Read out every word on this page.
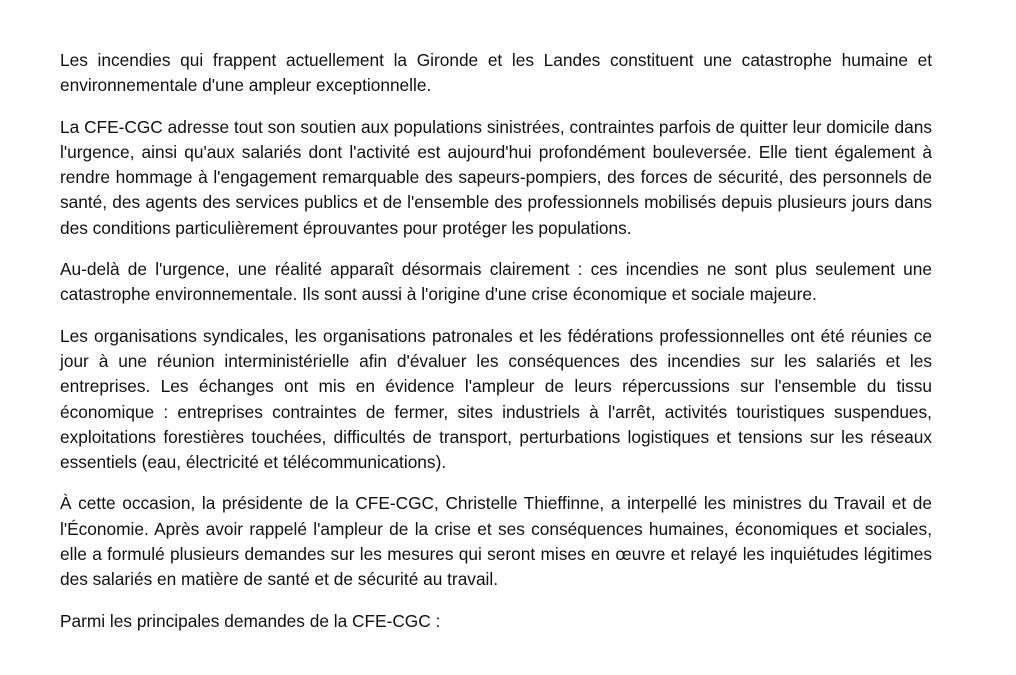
Les incendies qui frappent actuellement la Gironde et les Landes constituent une catastrophe humaine et environnementale d'une ampleur exceptionnelle.

La CFE-CGC adresse tout son soutien aux populations sinistrées, contraintes parfois de quitter leur domicile dans l'urgence, ainsi qu'aux salariés dont l'activité est aujourd'hui profondément bouleversée. Elle tient également à rendre hommage à l'engagement remarquable des sapeurs-pompiers, des forces de sécurité, des personnels de santé, des agents des services publics et de l'ensemble des professionnels mobilisés depuis plusieurs jours dans des conditions particulièrement éprouvantes pour protéger les populations.

Au-delà de l'urgence, une réalité apparaît désormais clairement : ces incendies ne sont plus seulement une catastrophe environnementale. Ils sont aussi à l'origine d'une crise économique et sociale majeure.

Les organisations syndicales, les organisations patronales et les fédérations professionnelles ont été réunies ce jour à une réunion interministérielle afin d'évaluer les conséquences des incendies sur les salariés et les entreprises. Les échanges ont mis en évidence l'ampleur de leurs répercussions sur l'ensemble du tissu économique : entreprises contraintes de fermer, sites industriels à l'arrêt, activités touristiques suspendues, exploitations forestières touchées, difficultés de transport, perturbations logistiques et tensions sur les réseaux essentiels (eau, électricité et télécommunications).

À cette occasion, la présidente de la CFE-CGC, Christelle Thieffinne, a interpellé les ministres du Travail et de l'Économie. Après avoir rappelé l'ampleur de la crise et ses conséquences humaines, économiques et sociales, elle a formulé plusieurs demandes sur les mesures qui seront mises en œuvre et relayé les inquiétudes légitimes des salariés en matière de santé et de sécurité au travail.

Parmi les principales demandes de la CFE-CGC :
